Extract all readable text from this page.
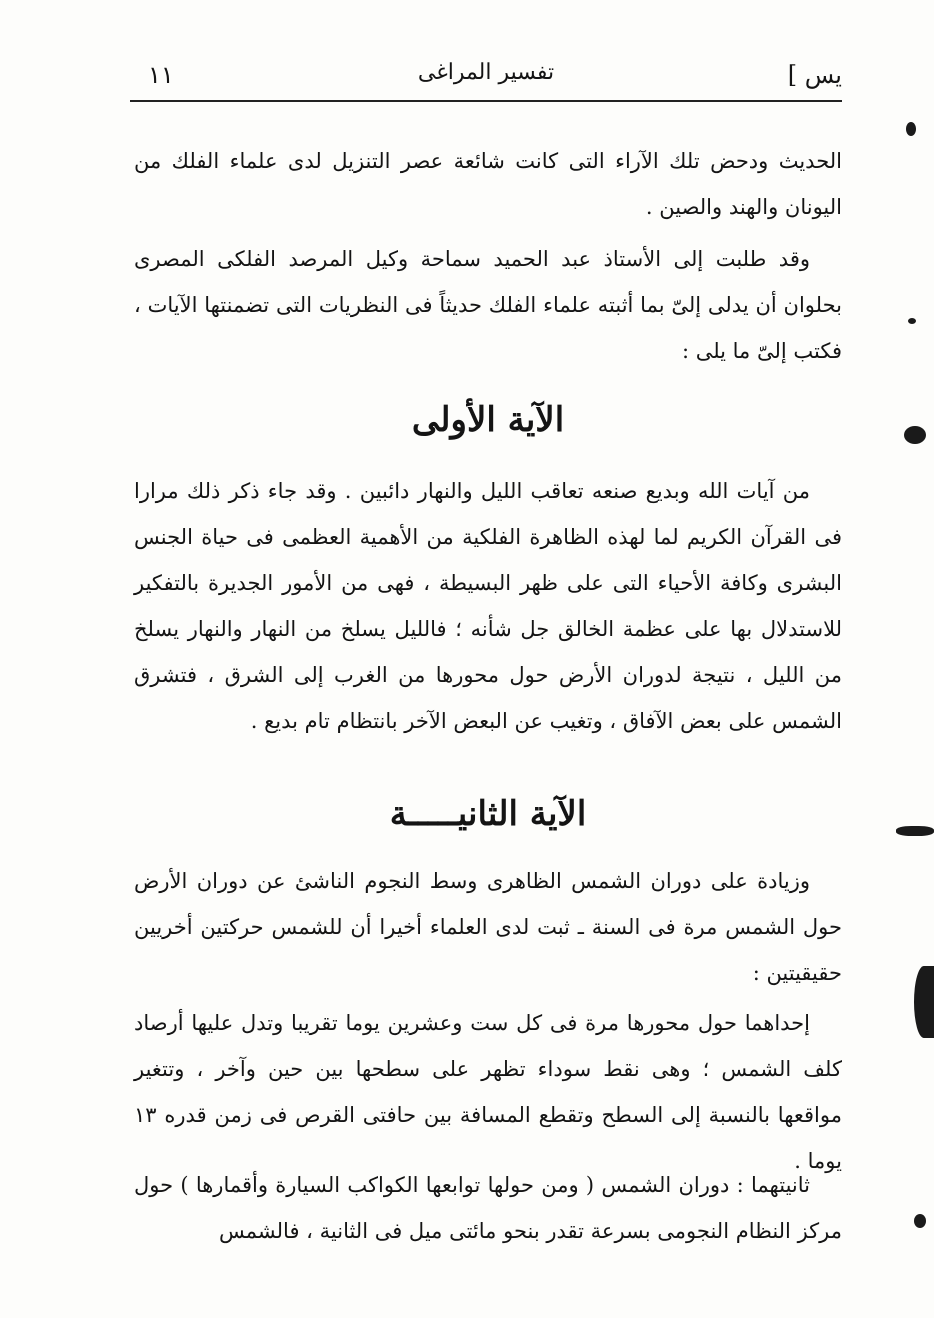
يس ]
تفسير المراغى
١١

الحديث ودحض تلك الآراء التى كانت شائعة عصر التنزيل لدى علماء الفلك من اليونان والهند والصين .

وقد طلبت إلى الأستاذ عبد الحميد سماحة وكيل المرصد الفلكى المصرى بحلوان أن يدلى إلىّ بما أثبته علماء الفلك حديثاً فى النظريات التى تضمنتها الآيات ، فكتب إلىّ ما يلى :

الآية الأولى

من آيات الله وبديع صنعه تعاقب الليل والنهار دائبين . وقد جاء ذكر ذلك مرارا فى القرآن الكريم لما لهذه الظاهرة الفلكية من الأهمية العظمى فى حياة الجنس البشرى وكافة الأحياء التى على ظهر البسيطة ، فهى من الأمور الجديرة بالتفكير للاستدلال بها على عظمة الخالق جل شأنه ؛ فالليل يسلخ من النهار والنهار يسلخ من الليل ، نتيجة لدوران الأرض حول محورها من الغرب إلى الشرق ، فتشرق الشمس على بعض الآفاق ، وتغيب عن البعض الآخر بانتظام تام بديع .

الآية الثانيـــــة

وزيادة على دوران الشمس الظاهرى وسط النجوم الناشئ عن دوران الأرض حول الشمس مرة فى السنة ـ ثبت لدى العلماء أخيرا أن للشمس حركتين أخريين حقيقيتين :

إحداهما حول محورها مرة فى كل ست وعشرين يوما تقريبا وتدل عليها أرصاد كلف الشمس ؛ وهى نقط سوداء تظهر على سطحها بين حين وآخر ، وتتغير مواقعها بالنسبة إلى السطح وتقطع المسافة بين حافتى القرص فى زمن قدره ١٣ يوما .

ثانيتهما : دوران الشمس ( ومن حولها توابعها الكواكب السيارة وأقمارها ) حول مركز النظام النجومى بسرعة تقدر بنحو مائتى ميل فى الثانية ، فالشمس
